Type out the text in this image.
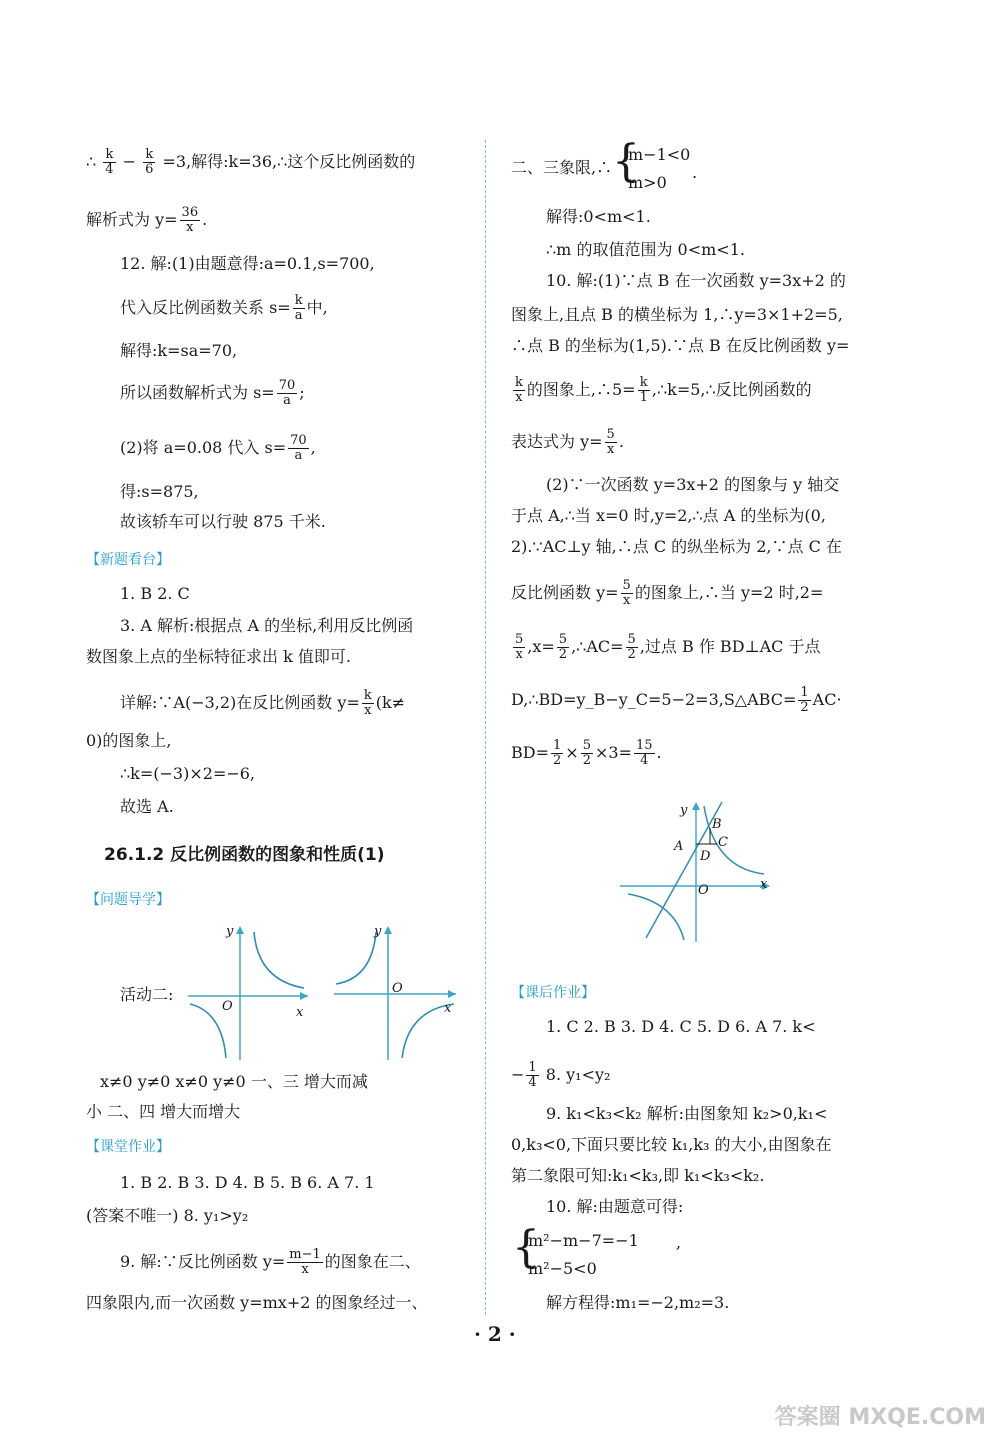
∴ $\frac{k}{4} - \frac{k}{6} =3$,解得:k=36,∴这个反比例函数的
解析式为 $y= \frac{36}{x}$ .
12. 解:(1)由题意得:a=0.1,s=700,
代入反比例函数关系 $s= \frac{k}{a}$ 中,
解得:k=sa=70,
所以函数解析式为 $s= \frac{70}{a}$ ;
(2)将 a=0.08 代入 $s= \frac{70}{a}$ ,
得:s=875,
故该轿车可以行驶 875 千米.
【新题看台】
1. B 2. C
3. A 解析:根据点 A 的坐标,利用反比例函
数图象上点的坐标特征求出 k 值即可.
详解:∵A(−3,2)在反比例函数 $y= \frac{k}{x} (k\ne$
0)的图象上,
∴k=(−3)×2=−6,
故选 A.
26.1.2 反比例函数的图象和性质(1)
【问题导学】
活动二:
y
x
O
y
x
O
x≠0 y≠0 x≠0 y≠0 一、三 增大而减
小 二、四 增大而增大
【课堂作业】
1. B 2. B 3. D 4. B 5. B 6. A 7. 1
(答案不唯一) 8. y₁>y₂
9. 解:∵反比例函数 $y= \frac{m-1}{x}$ 的图象在二、
四象限内,而一次函数 y=mx+2 的图象经过一、
二、三象限,∴ {
m−1<0
m>0
.
解得:0<m<1.
∴m 的取值范围为 0<m<1.
10. 解:(1)∵点 B 在一次函数 y=3x+2 的
图象上,且点 B 的横坐标为 1,∴y=3×1+2=5,
∴点 B 的坐标为(1,5).∵点 B 在反比例函数 y=
$\frac{k}{x}$ 的图象上,∴5= $\frac{k}{1}$ ,∴k=5,∴反比例函数的
表达式为 $y= \frac{5}{x}$ .
(2)∵一次函数 y=3x+2 的图象与 y 轴交
于点 A,∴当 x=0 时,y=2,∴点 A 的坐标为(0,
2).∵AC⊥y 轴,∴点 C 的纵坐标为 2,∵点 C 在
反比例函数 $y= \frac{5}{x}$ 的图象上,∴当 y=2 时,2=
$\frac{5}{x} ,x= \frac{5}{2}$ ,∴AC= $\frac{5}{2}$ ,过点 B 作 BD⊥AC 于点
D,∴BD=y_B−y_C=5−2=3,S△ABC= $\frac{1}{2} AC\cdot$
$BD= \frac{1}{2} \times \frac{5}{2} \times 3= \frac{15}{4}$ .
y
x
O
A
B
C
D
【课后作业】
1. C 2. B 3. D 4. C 5. D 6. A 7. k<
− $\frac{1}{4} 8$. y₁<y₂
9. k₁<k₃<k₂ 解析:由图象知 k₂>0,k₁<
0,k₃<0,下面只要比较 k₁,k₃ 的大小,由图象在
第二象限可知:k₁<k₃,即 k₁<k₃<k₂.
10. 解:由题意可得:
{
m²−m−7=−1
m²−5<0
,
解方程得:m₁=−2,m₂=3.
· 2 ·
答案圈 MXQE.COM
